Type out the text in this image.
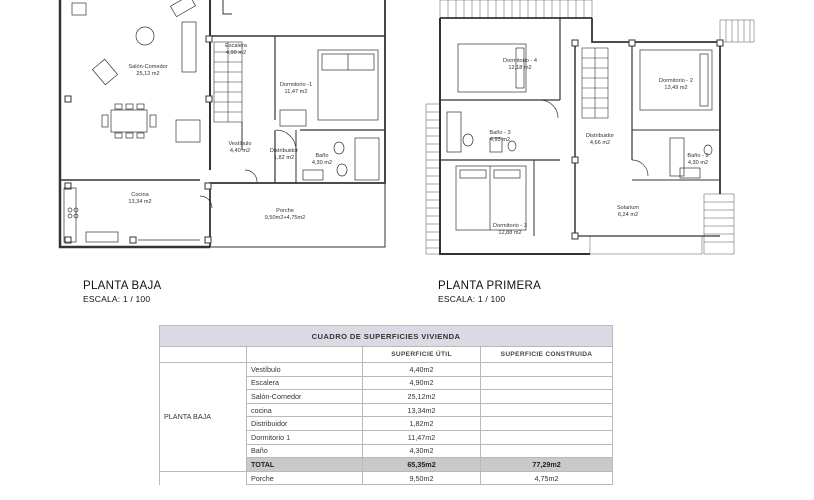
Salón-Comedor
25,12 m2
Escalera
4,90 m2
Dormitorio -1
11,47 m2
Vestíbulo
4,40 m2	Distribuidor
1,82 m2	Baño
4,30 m2
Cocina
13,34 m2
Porche
9,50m2+4,75m2
Dormitorio - 4
12,18 m2
Dormitorio - 2
13,49 m2
Baño - 3
4,93 m2
Distribuidor
4,66 m2
Baño - 2
4,30 m2
Solarium
6,24 m2
Dormitorio - 3
12,88 m2
PLANTA BAJA
ESCALA: 1 / 100
PLANTA PRIMERA
ESCALA: 1 / 100
CUADRO DE SUPERFICIES VIVIENDA			
		SUPERFICIE ÚTIL	SUPERFICIE CONSTRUIDA
PLANTA BAJA	Vestíbulo	4,40m2	
	Escalera	4,90m2	
	Salón-Comedor	25,12m2	
	cocina	13,34m2	
	Distribuidor	1,82m2	
	Dormitorio 1	11,47m2	
	Baño	4,30m2	
	TOTAL	65,35m2	77,29m2
	Porche	9,50m2	4,75m2
